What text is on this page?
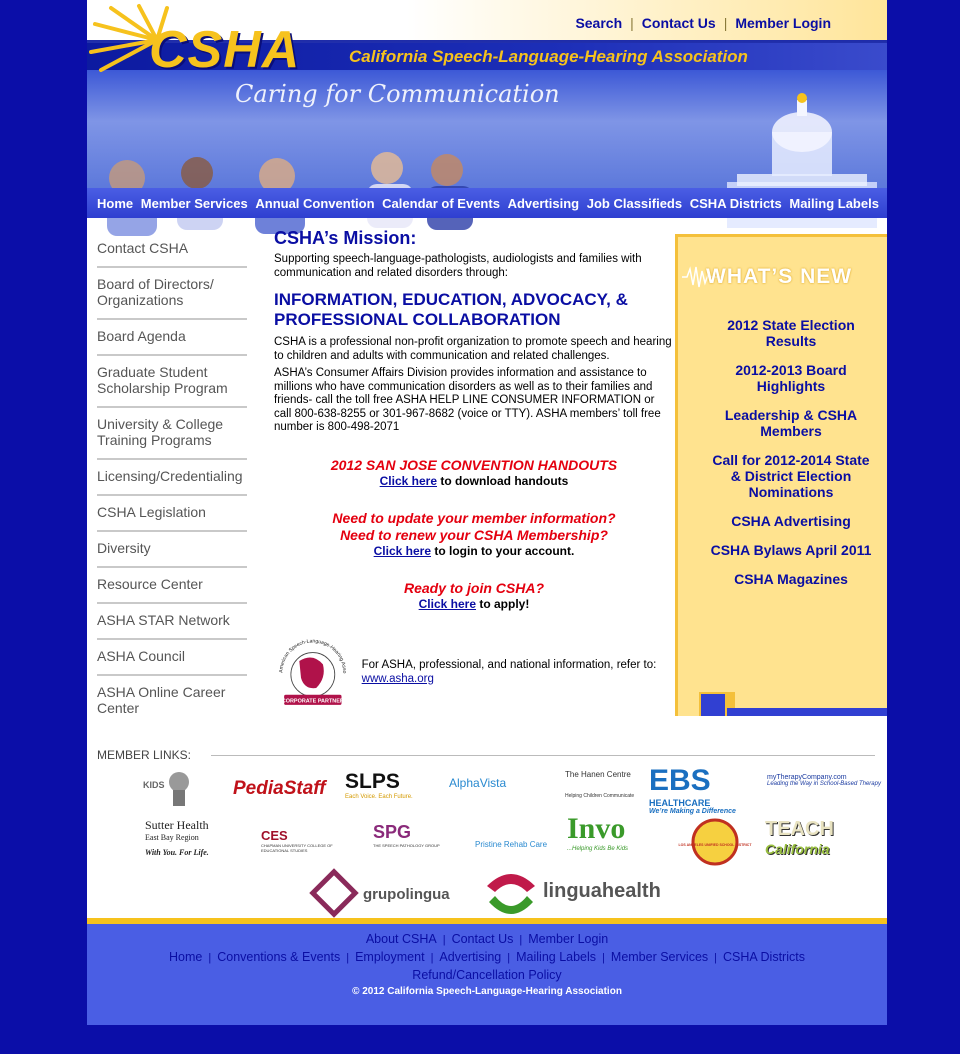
Search | Contact Us | Member Login
CSHA	California Speech-Language-Hearing Association
Caring for Communication
Home Member Services Annual Convention Calendar of Events Advertising Job Classifieds CSHA Districts Mailing Labels
Contact CSHA
Board of Directors/ Organizations
Board Agenda
Graduate Student Scholarship Program
University & College Training Programs
Licensing/Credentialing
CSHA Legislation
Diversity
Resource Center
ASHA STAR Network
ASHA Council
ASHA Online Career Center
CSHA’s Mission:
Supporting speech-language-pathologists, audiologists and families with communication and related disorders through:
INFORMATION, EDUCATION, ADVOCACY, & PROFESSIONAL COLLABORATION
CSHA is a professional non-profit organization to promote speech and hearing to children and adults with communication and related challenges.
ASHA’s Consumer Affairs Division provides information and assistance to millions who have communication disorders as well as to their families and friends- call the toll free ASHA HELP LINE CONSUMER INFORMATION or call 800-638-8255 or 301-967-8682 (voice or TTY). ASHA members’ toll free number is 800-498-2071
2012 SAN JOSE CONVENTION HANDOUTS
Click here to download handouts
Need to update your member information?
Need to renew your CSHA Membership?
Click here to login to your account.
Ready to join CSHA?
Click here to apply!
American Speech-Language-Hearing Asso
CORPORATE PARTNER
For ASHA, professional, and national information, refer to: www.asha.org
WHAT’S NEW
2012 State Election Results
2012-2013 Board Highlights
Leadership & CSHA Members
Call for 2012-2014 State & District Election Nominations
CSHA Advertising
CSHA Bylaws April 2011
CSHA Magazines
MEMBER LINKS:
KIDS	PediaStaff SLPS
Each Voice. Each Future.
AlphaVista
The Hanen Centre
Helping Children Communicate EBS
HEALTHCARE
We’re Making a Difference
myTherapyCompany.com
Leading the Way in School-Based Therapy
Sutter Health
East Bay Region
With You. For Life.
CES
CHAPMAN UNIVERSITY COLLEGE OF EDUCATIONAL STUDIES
SPG
THE SPEECH PATHOLOGY GROUP	Pristine Rehab Care Invo
...Helping Kids Be Kids
LOS ANGELES UNIFIED SCHOOL DISTRICT
TEACH
California
grupolingua	linguahealth
About CSHA | Contact Us | Member Login
Home | Conventions & Events | Employment | Advertising | Mailing Labels | Member Services | CSHA Districts
Refund/Cancellation Policy
© 2012 California Speech-Language-Hearing Association
